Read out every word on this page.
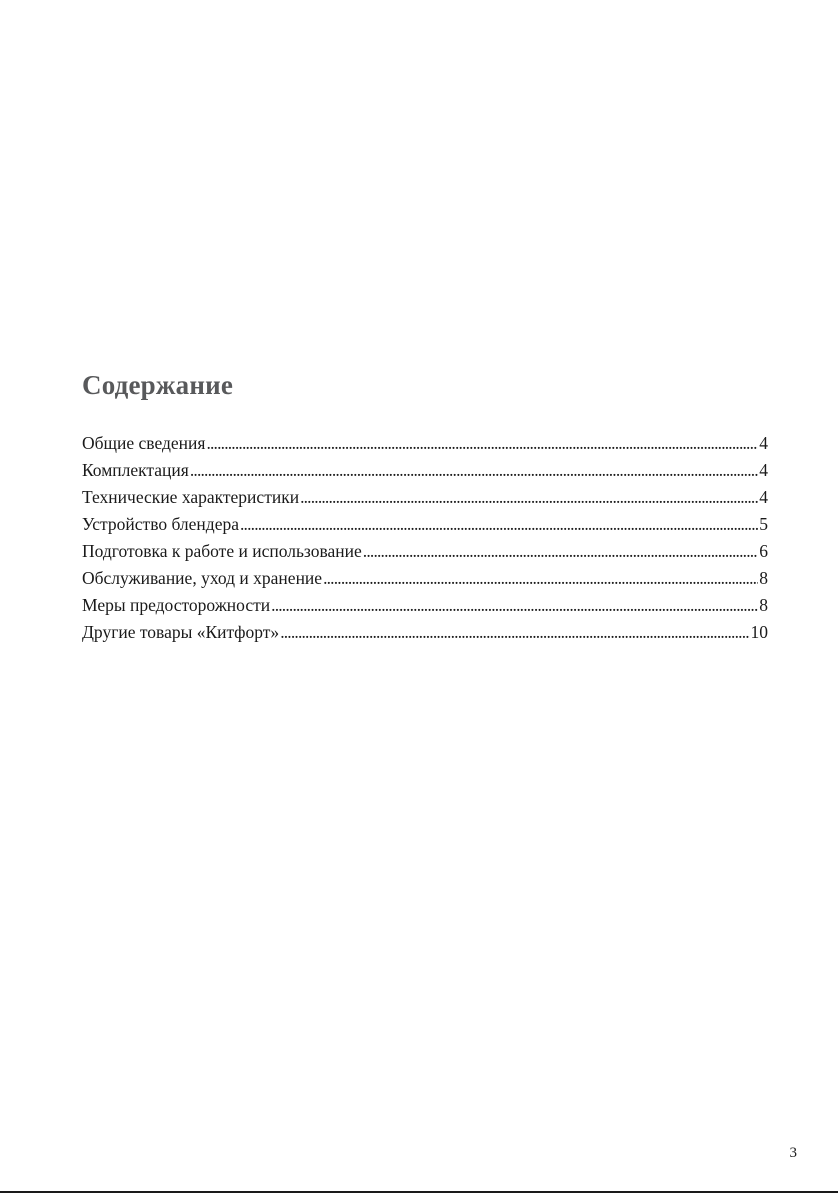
Содержание
Общие сведения . . .	4
Комплектация . . .	4
Технические характеристики . . .	4
Устройство блендера . . .	5
Подготовка к работе и использование . . .	6
Обслуживание, уход и хранение . . .	8
Меры предосторожности . . .	8
Другие товары «Китфорт» . . .	10
3
